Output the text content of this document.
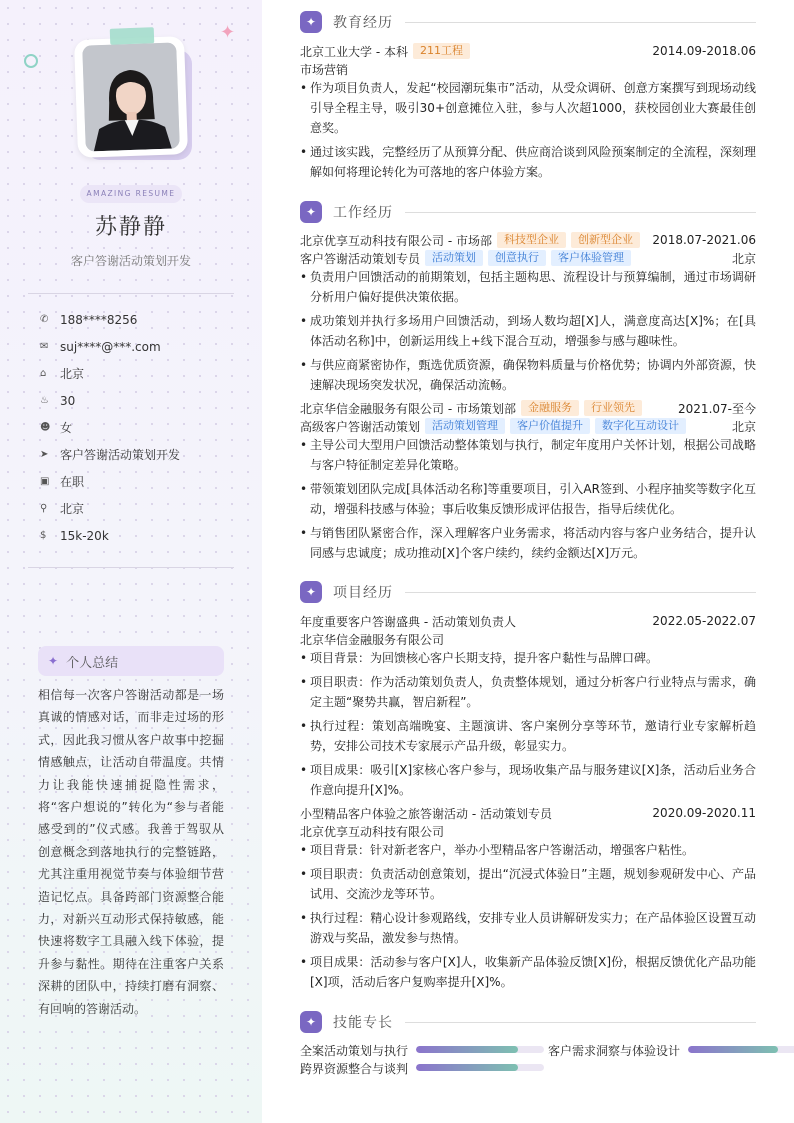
✦
AMAZING RESUME
苏静静
客户答谢活动策划开发
✆ 188****8256
✉ suj****@***.com
⌂	北京
♨ 30
☻ 女
➤ 客户答谢活动策划开发
▣ 在职
⚲	北京
$	15k-20k
✦ 个人总结
相信每一次客户答谢活动都是一场真诚的情感对话，而非走过场的形式，因此我习惯从客户故事中挖掘情感触点，让活动自带温度。共情力让我能快速捕捉隐性需求，将“客户想说的”转化为“参与者能感受到的”仪式感。我善于驾驭从创意概念到落地执行的完整链路，尤其注重用视觉节奏与体验细节营造记忆点。具备跨部门资源整合能力，对新兴互动形式保持敏感，能快速将数字工具融入线下体验，提升参与黏性。期待在注重客户关系深耕的团队中，持续打磨有洞察、有回响的答谢活动。
✦	教育经历
北京工业大学 - 本科	211工程	2014.09-2018.06
市场营销
• 作为项目负责人，发起“校园潮玩集市”活动，从受众调研、创意方案撰写到现场动线引导全程主导，吸引30+创意摊位入驻，参与人次超1000，获校园创业大赛最佳创意奖。
• 通过该实践，完整经历了从预算分配、供应商洽谈到风险预案制定的全流程，深刻理解如何将理论转化为可落地的客户体验方案。
✦	工作经历
北京优享互动科技有限公司 - 市场部	科技型企业	创新型企业	2018.07-2021.06
客户答谢活动策划专员	活动策划	创意执行	客户体验管理	北京
• 负责用户回馈活动的前期策划，包括主题构思、流程设计与预算编制，通过市场调研分析用户偏好提供决策依据。
• 成功策划并执行多场用户回馈活动，到场人数均超[X]人，满意度高达[X]%；在[具体活动名称]中，创新运用线上+线下混合互动，增强参与感与趣味性。
• 与供应商紧密协作，甄选优质资源，确保物料质量与价格优势；协调内外部资源，快速解决现场突发状况，确保活动流畅。
北京华信金融服务有限公司 - 市场策划部	金融服务	行业领先	2021.07-至今
高级客户答谢活动策划	活动策划管理	客户价值提升	数字化互动设计	北京
• 主导公司大型用户回馈活动整体策划与执行，制定年度用户关怀计划，根据公司战略与客户特征制定差异化策略。
• 带领策划团队完成[具体活动名称]等重要项目，引入AR签到、小程序抽奖等数字化互动，增强科技感与体验；事后收集反馈形成评估报告，指导后续优化。
• 与销售团队紧密合作，深入理解客户业务需求，将活动内容与客户业务结合，提升认同感与忠诚度；成功推动[X]个客户续约，续约金额达[X]万元。
✦	项目经历
年度重要客户答谢盛典 - 活动策划负责人	2022.05-2022.07
北京华信金融服务有限公司
• 项目背景：为回馈核心客户长期支持，提升客户黏性与品牌口碑。
• 项目职责：作为活动策划负责人，负责整体规划，通过分析客户行业特点与需求，确定主题“聚势共赢，智启新程”。
• 执行过程：策划高端晚宴、主题演讲、客户案例分享等环节，邀请行业专家解析趋势，安排公司技术专家展示产品升级，彰显实力。
• 项目成果：吸引[X]家核心客户参与，现场收集产品与服务建议[X]条，活动后业务合作意向提升[X]%。
小型精品客户体验之旅答谢活动 - 活动策划专员	2020.09-2020.11
北京优享互动科技有限公司
• 项目背景：针对新老客户，举办小型精品客户答谢活动，增强客户粘性。
• 项目职责：负责活动创意策划，提出“沉浸式体验日”主题，规划参观研发中心、产品试用、交流沙龙等环节。
• 执行过程：精心设计参观路线，安排专业人员讲解研发实力；在产品体验区设置互动游戏与奖品，激发参与热情。
• 项目成果：活动参与客户[X]人，收集新产品体验反馈[X]份，根据反馈优化产品功能[X]项，活动后客户复购率提升[X]%。
✦	技能专长
全案活动策划与执行	客户需求洞察与体验设计
跨界资源整合与谈判
